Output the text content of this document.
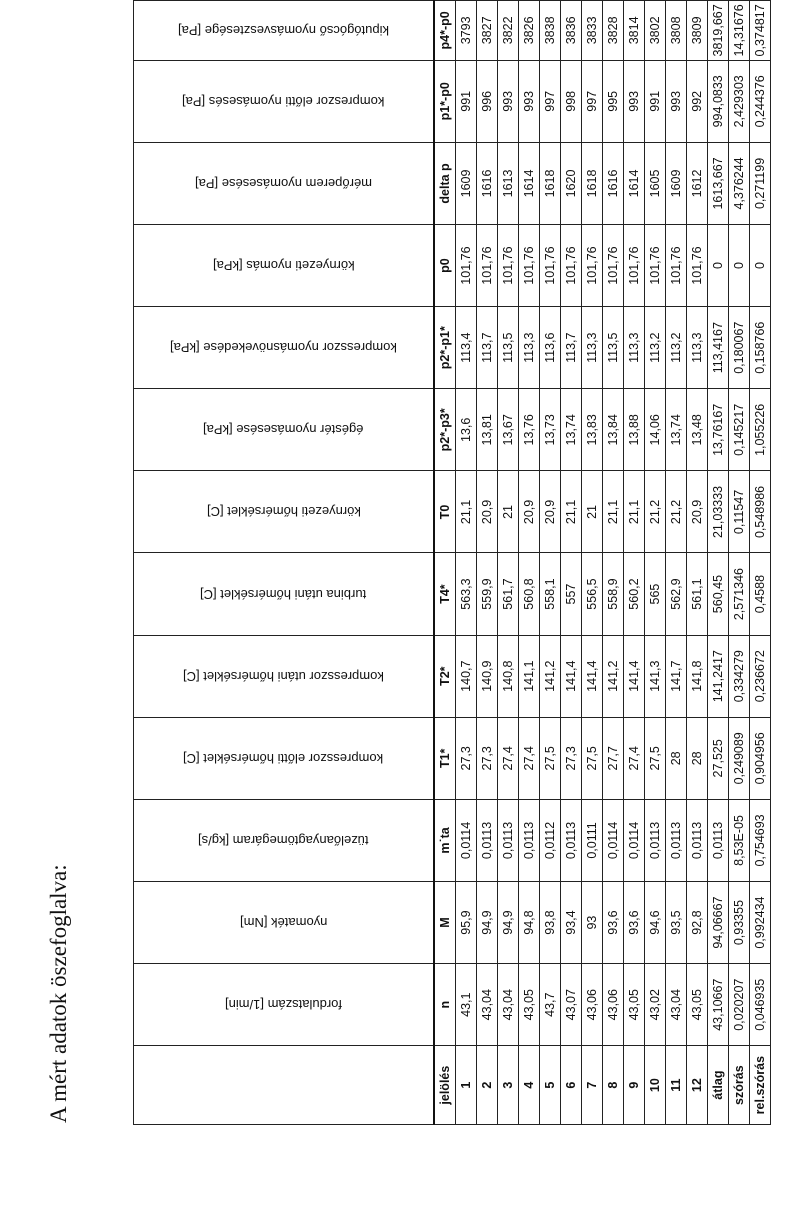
A mért adatok öszefoglalva:

	fordulatszám [1/min]	nyomaték [Nm]	tüzelőanyagtömegáram [kg/s]	kompresszor előtti hőmérséklet [C]	kompresszor utáni hőmérséklet [C]	turbina utáni hőmérséklet [C]	környezeti hőmérséklet [C]	égéstér nyomásesése [kPa]	kompresszor nyomásnövekedése [kPa]	környezeti nyomás [kPa]	mérőperem nyomásesése [Pa]	kompreszor előtti nyomásesés [Pa]	kiputógócső nyomásvesztesége [Pa]

jelölés	n	M	m˙ta	T1*	T2*	T4*	T0	p2*-p3*	p2*-p1*	p0	delta p	p1*-p0	p4*-p0
1	43,1	95,9	0,0114	27,3	140,7	563,3	21,1	13,6	113,4	101,76	1609	991	3793
2	43,04	94,9	0,0113	27,3	140,9	559,9	20,9	13,81	113,7	101,76	1616	996	3827
3	43,04	94,9	0,0113	27,4	140,8	561,7	21	13,67	113,5	101,76	1613	993	3822
4	43,05	94,8	0,0113	27,4	141,1	560,8	20,9	13,76	113,3	101,76	1614	993	3826
5	43,7	93,8	0,0112	27,5	141,2	558,1	20,9	13,73	113,6	101,76	1618	997	3838
6	43,07	93,4	0,0113	27,3	141,4	557	21,1	13,74	113,7	101,76	1620	998	3836
7	43,06	93	0,0111	27,5	141,4	556,5	21	13,83	113,3	101,76	1618	997	3833
8	43,06	93,6	0,0114	27,7	141,2	558,9	21,1	13,84	113,5	101,76	1616	995	3828
9	43,05	93,6	0,0114	27,4	141,4	560,2	21,1	13,88	113,3	101,76	1614	993	3814
10	43,02	94,6	0,0113	27,5	141,3	565	21,2	14,06	113,2	101,76	1605	991	3802
11	43,04	93,5	0,0113	28	141,7	562,9	21,2	13,74	113,2	101,76	1609	993	3808
12	43,05	92,8	0,0113	28	141,8	561,1	20,9	13,48	113,3	101,76	1612	992	3809
átlag	43,10667	94,06667	0,0113	27,525	141,2417	560,45	21,03333	13,76167	113,4167	0	1613,667	994,0833	3819,667
szórás	0,020207	0,93355	8,53E-05	0,249089	0,334279	2,571346	0,11547	0,145217	0,180067	0	4,376244	2,429303	14,31676
rel.szórás	0,046935	0,992434	0,754693	0,904956	0,236672	0,4588	0,548986	1,055226	0,158766	0	0,271199	0,244376	0,374817
